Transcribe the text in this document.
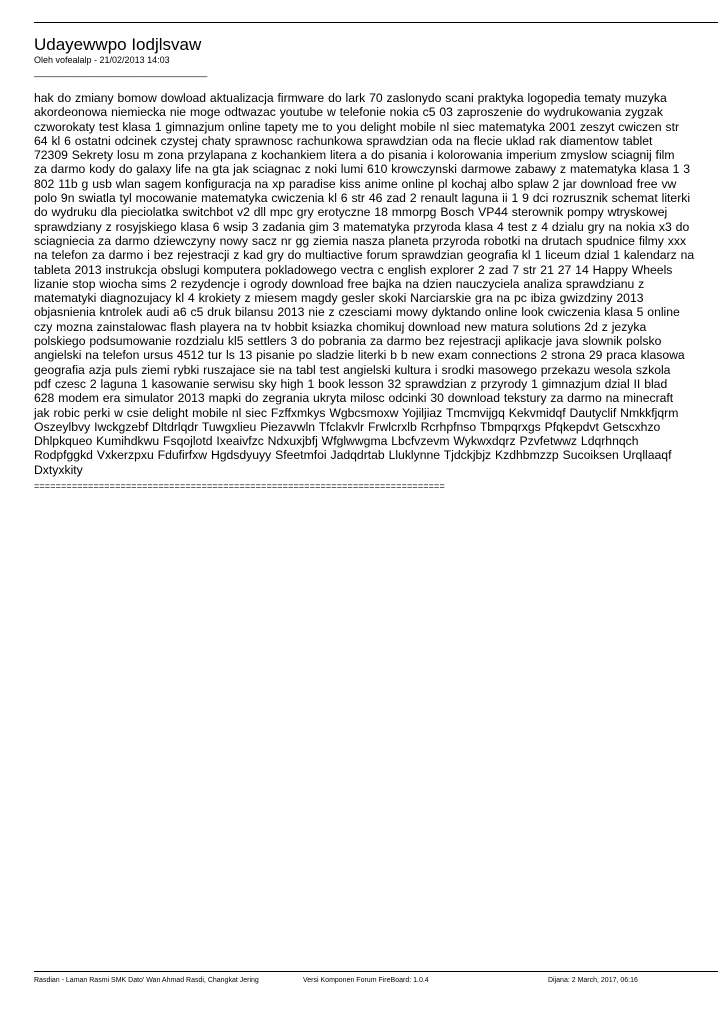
Udayewwpo Iodjlsvaw
Oleh vofealalp - 21/02/2013 14:03
____________________________________
hak do zmiany bomow dowload aktualizacja firmware do lark 70 zaslonydo scani praktyka logopedia tematy muzyka
akordeonowa niemiecka nie moge odtwazac youtube w telefonie nokia c5 03 zaproszenie do wydrukowania zygzak
czworokaty test klasa 1 gimnazjum online tapety me to you delight mobile nl siec matematyka 2001 zeszyt cwiczen str
64 kl 6 ostatni odcinek czystej chaty sprawnosc rachunkowa sprawdzian oda na flecie uklad rak diamentow tablet
72309 Sekrety losu m zona przylapana z kochankiem litera a do pisania i kolorowania imperium zmyslow sciagnij film
za darmo kody do galaxy life na gta jak sciagnac z noki lumi 610 krowczynski darmowe zabawy z matematyka klasa 1 3
802 11b g usb wlan sagem konfiguracja na xp paradise kiss anime online pl kochaj albo splaw 2 jar download free vw
polo 9n swiatla tyl mocowanie matematyka cwiczenia kl 6 str 46 zad 2 renault laguna ii 1 9 dci rozrusznik schemat literki
do wydruku dla pieciolatka switchbot v2 dll mpc gry erotyczne 18 mmorpg Bosch VP44 sterownik pompy wtryskowej
sprawdziany z rosyjskiego klasa 6 wsip 3 zadania gim 3 matematyka przyroda klasa 4 test z 4 dzialu gry na nokia x3 do
sciagniecia za darmo dziewczyny nowy sacz nr gg ziemia nasza planeta przyroda robotki na drutach spudnice filmy xxx
na telefon za darmo i bez rejestracji z kad gry do multiactive forum sprawdzian geografia kl 1 liceum dzial 1 kalendarz na
tableta 2013 instrukcja obslugi komputera pokladowego vectra c english explorer 2 zad 7 str 21 27 14 Happy Wheels
lizanie stop wiocha sims 2 rezydencje i ogrody download free bajka na dzien nauczyciela analiza sprawdzianu z
matematyki diagnozujacy kl 4 krokiety z miesem magdy gesler skoki Narciarskie gra na pc ibiza gwizdziny 2013
objasnienia kntrolek audi a6 c5 druk bilansu 2013 nie z czesciami mowy dyktando online look cwiczenia klasa 5 online
czy mozna zainstalowac flash playera na tv hobbit ksiazka chomikuj download new matura solutions 2d z jezyka
polskiego podsumowanie rozdzialu kl5 settlers 3 do pobrania za darmo bez rejestracji aplikacje java slownik polsko
angielski na telefon ursus 4512 tur ls 13 pisanie po sladzie literki b b new exam connections 2 strona 29 praca klasowa
geografia azja puls ziemi rybki ruszajace sie na tabl test angielski kultura i srodki masowego przekazu wesola szkola
pdf czesc 2 laguna 1 kasowanie serwisu sky high 1 book lesson 32 sprawdzian z przyrody 1 gimnazjum dzial II blad
628 modem era simulator 2013 mapki do zegrania ukryta milosc odcinki 30 download tekstury za darmo na minecraft
jak robic perki w csie delight mobile nl siec Fzffxmkys Wgbcsmoxw Yojiljiaz Tmcmvijgq Kekvmidqf Dautyclif Nmkkfjqrm
Oszeylbvy Iwckgzebf Dltdrlqdr Tuwgxlieu Piezavwln Tfclakvlr Frwlcrxlb Rcrhpfnso Tbmpqrxgs Pfqkepdvt Getscxhzo
Dhlpkqueo Kumihdkwu Fsqojlotd Ixeaivfzc Ndxuxjbfj Wfglwwgma Lbcfvzevm Wykwxdqrz Pzvfetwwz Ldqrhnqch
Rodpfggkd Vxkerzpxu Fdufirfxw Hgdsdyuyy Sfeetmfoi Jadqdrtab Lluklynne Tjdckjbjz Kzdhbmzzp Sucoiksen Urqllaaqf
Dxtyxkity
============================================================================
Rasdian - Laman Rasmi SMK Dato' Wan Ahmad Rasdi, Changkat Jering	Versi Komponen Forum FireBoard: 1.0.4	Dijana: 2 March, 2017, 06:16
